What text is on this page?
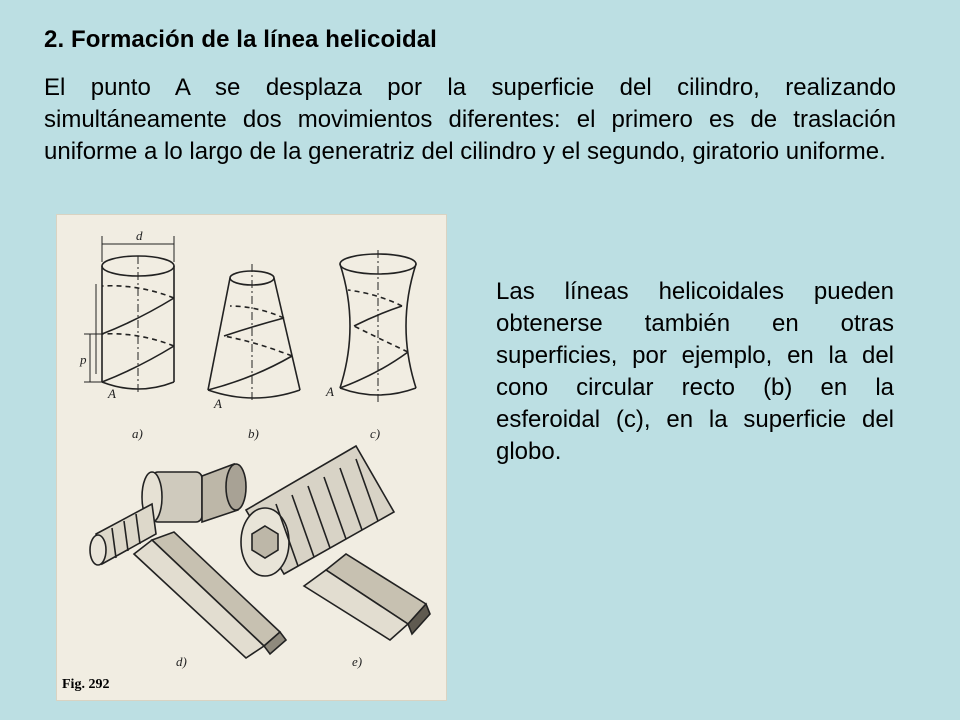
2. Formación de la línea helicoidal
El punto A se desplaza por la superficie del cilindro, realizando simultáneamente dos movimientos diferentes: el primero es de traslación uniforme a lo largo de la generatriz del cilindro y el segundo, giratorio uniforme.
d
p
A
A
A
a)	b)	c)
d)	e)
Fig. 292
Las líneas helicoidales pueden obtenerse también en otras superficies, por ejemplo, en la del cono circular recto (b) en la esferoidal (c), en la superficie del globo.
